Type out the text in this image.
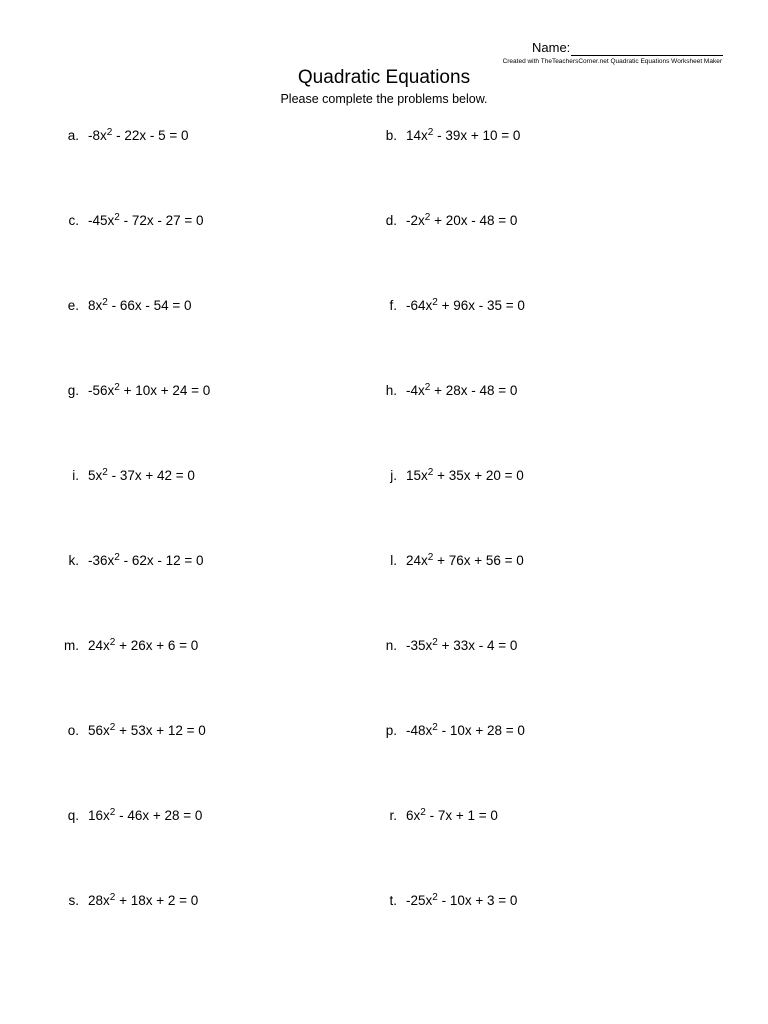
Name:
Created with TheTeachersCorner.net Quadratic Equations Worksheet Maker
Quadratic Equations
Please complete the problems below.
a. $-8x^2 - 22x - 5 = 0$	b. $14x^2 - 39x + 10 = 0$
c. $-45x^2 - 72x - 27 = 0$	d. $-2x^2 + 20x - 48 = 0$
e. $8x^2 - 66x - 54 = 0$	f. $-64x^2 + 96x - 35 = 0$
g. $-56x^2 + 10x + 24 = 0$	h. $-4x^2 + 28x - 48 = 0$
i. $5x^2 - 37x + 42 = 0$	j. $15x^2 + 35x + 20 = 0$
k. $-36x^2 - 62x - 12 = 0$	l. $24x^2 + 76x + 56 = 0$
m. $24x^2 + 26x + 6 = 0$	n. $-35x^2 + 33x - 4 = 0$
o. $56x^2 + 53x + 12 = 0$	p. $-48x^2 - 10x + 28 = 0$
q. $16x^2 - 46x + 28 = 0$	r. $6x^2 - 7x + 1 = 0$
s. $28x^2 + 18x + 2 = 0$	t. $-25x^2 - 10x + 3 = 0$
